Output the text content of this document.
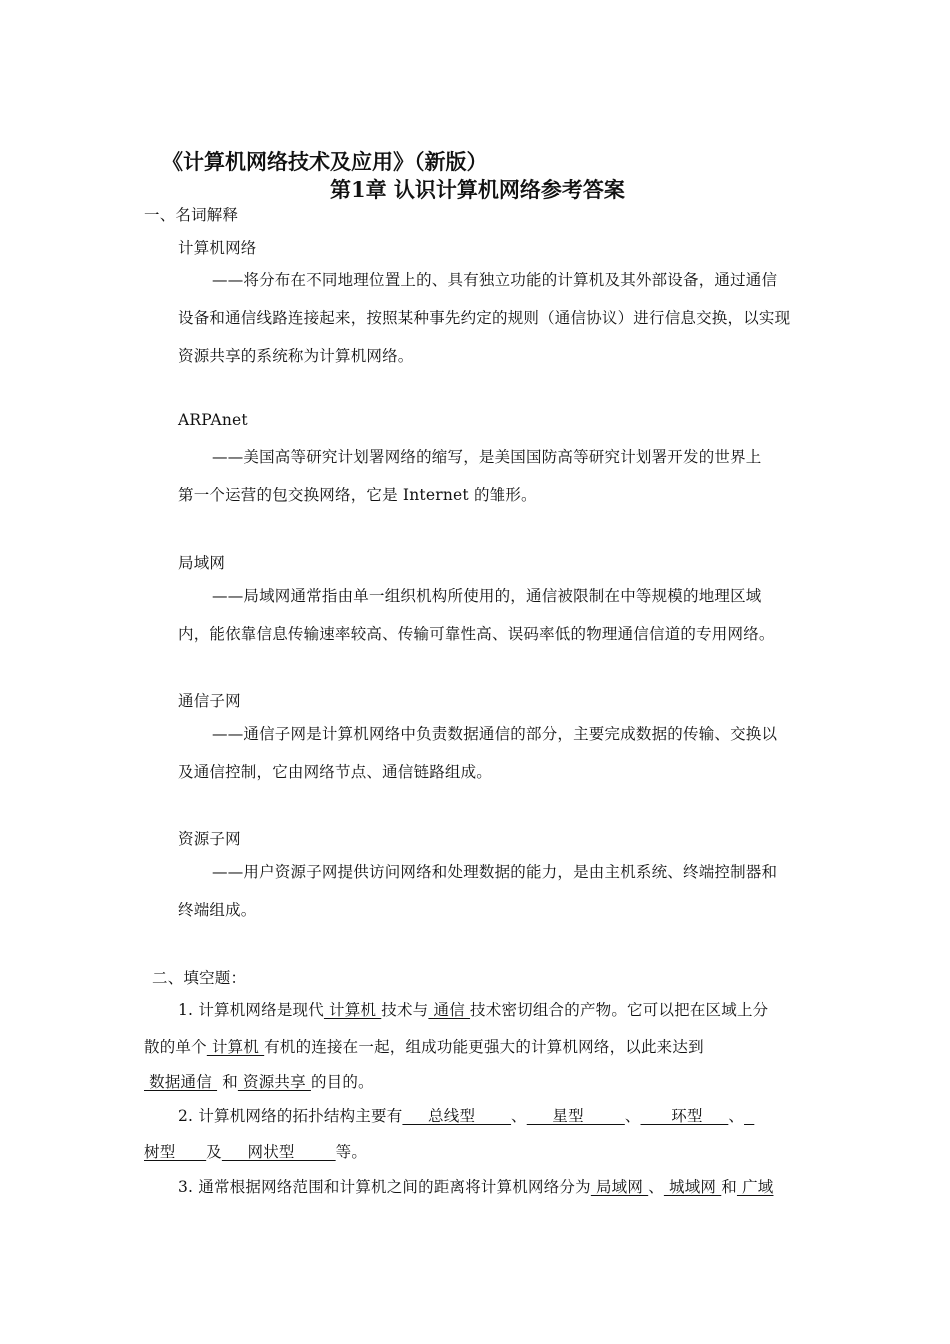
《计算机网络技术及应用》（新版）
第1章 认识计算机网络参考答案
一、名词解释
计算机网络
——将分布在不同地理位置上的、具有独立功能的计算机及其外部设备，通过通信
设备和通信线路连接起来，按照某种事先约定的规则（通信协议）进行信息交换，以实现
资源共享的系统称为计算机网络。
ARPAnet
——美国高等研究计划署网络的缩写，是美国国防高等研究计划署开发的世界上
第一个运营的包交换网络，它是 Internet 的雏形。
局域网
——局域网通常指由单一组织机构所使用的，通信被限制在中等规模的地理区域
内，能依靠信息传输速率较高、传输可靠性高、误码率低的物理通信信道的专用网络。
通信子网
——通信子网是计算机网络中负责数据通信的部分，主要完成数据的传输、交换以
及通信控制，它由网络节点、通信链路组成。
资源子网
——用户资源子网提供访问网络和处理数据的能力，是由主机系统、终端控制器和
终端组成。
二、填空题：
1. 计算机网络是现代 计算机 技术与 通信 技术密切组合的产物。它可以把在区域上分
散的单个 计算机 有机的连接在一起，组成功能更强大的计算机网络，以此来达到
数据通信  和 资源共享 的目的。
2. 计算机网络的拓扑结构主要有     总线型       、     星型        、      环型     、
树型      及     网状型        等。
3. 通常根据网络范围和计算机之间的距离将计算机网络分为 局域网 、 城域网 和 广域
